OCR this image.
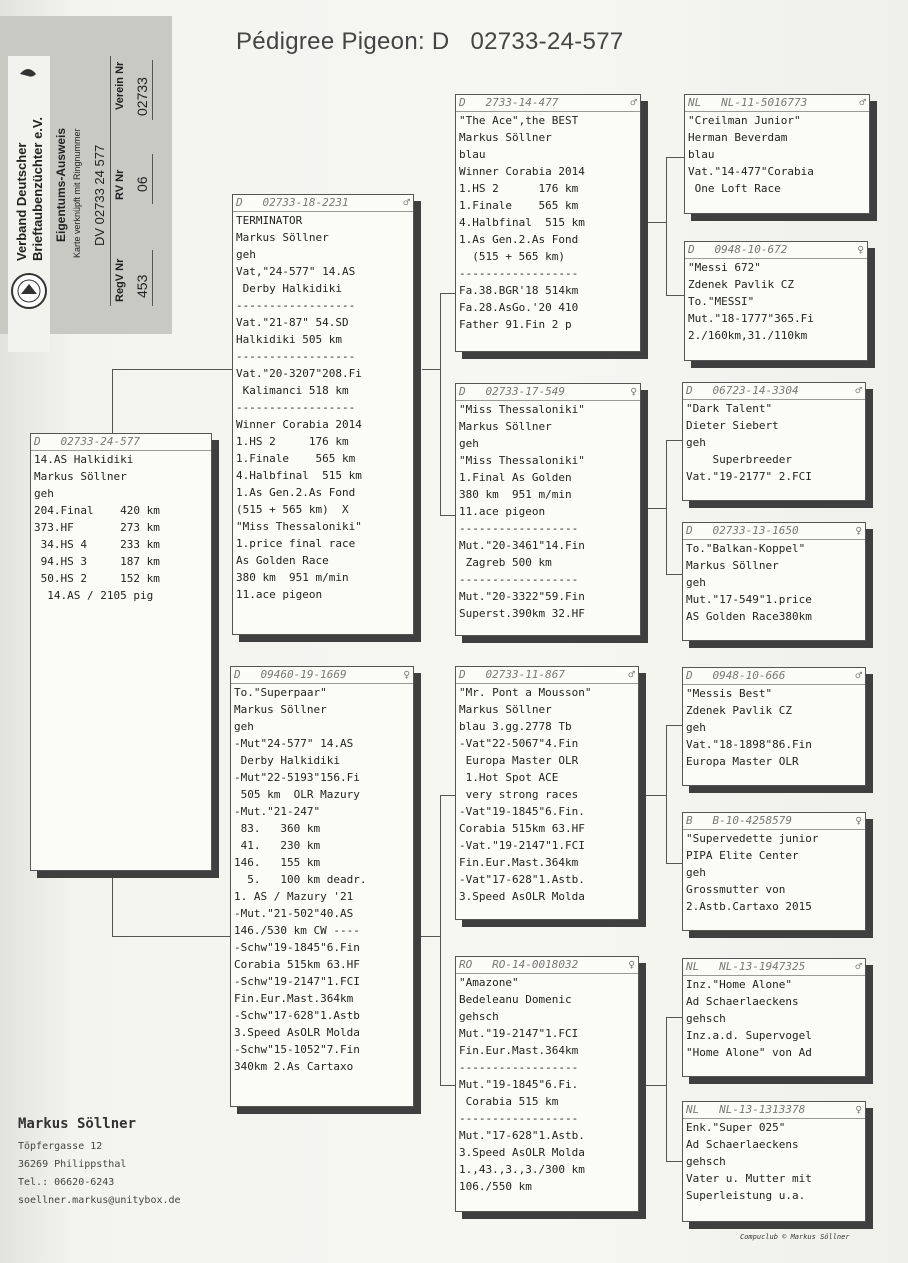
Pédigree Pigeon: D   02733-24-577
Verband Deutscher Brieftaubenzüchter e.V. Eigentums-Ausweis Karte verknüpft mit Ringnummer DV 02733 24 577
RegV Nr 453
RV Nr 06
Verein Nr 02733
D 02733-24-577
14.AS Halkidiki
Markus Söllner
geh
204.Final    420 km
373.HF       273 km
34.HS 4     233 km
94.HS 3     187 km
50.HS 2     152 km
14.AS / 2105 pig
D 02733-18-2231	♂
TERMINATOR
Markus Söllner
geh
Vat,"24-577" 14.AS
Derby Halkidiki
------------------
Vat."21-87" 54.SD
Halkidiki 505 km
------------------
Vat."20-3207"208.Fi
Kalimanci 518 km
------------------
Winner Corabia 2014
1.HS 2     176 km
1.Finale    565 km
4.Halbfinal  515 km
1.As Gen.2.As Fond
(515 + 565 km)  X
"Miss Thessaloniki"
1.price final race
As Golden Race
380 km  951 m/min
11.ace pigeon
D 09460-19-1669	♀
To."Superpaar"
Markus Söllner
geh
-Mut"24-577" 14.AS
Derby Halkidiki
-Mut"22-5193"156.Fi
505 km  OLR Mazury
-Mut."21-247"
83.   360 km
41.   230 km
146.   155 km
5.   100 km deadr.
1. AS / Mazury '21
-Mut."21-502"40.AS
146./530 km CW ----
-Schw"19-1845"6.Fin
Corabia 515km 63.HF
-Schw"19-2147"1.FCI
Fin.Eur.Mast.364km
-Schw"17-628"1.Astb
3.Speed AsOLR Molda
-Schw"15-1052"7.Fin
340km 2.As Cartaxo
D 2733-14-477	♂
"The Ace",the BEST
Markus Söllner
blau
Winner Corabia 2014
1.HS 2      176 km
1.Finale    565 km
4.Halbfinal  515 km
1.As Gen.2.As Fond
(515 + 565 km)
------------------
Fa.38.BGR'18 514km
Fa.28.AsGo.'20 410
Father 91.Fin 2 p
D 02733-17-549	♀
"Miss Thessaloniki"
Markus Söllner
geh
"Miss Thessaloniki"
1.Final As Golden
380 km  951 m/min
11.ace pigeon
------------------
Mut."20-3461"14.Fin
Zagreb 500 km
------------------
Mut."20-3322"59.Fin
Superst.390km 32.HF
D 02733-11-867	♂
"Mr. Pont a Mousson"
Markus Söllner
blau 3.gg.2778 Tb
-Vat"22-5067"4.Fin
Europa Master OLR
1.Hot Spot ACE
very strong races
-Vat"19-1845"6.Fin.
Corabia 515km 63.HF
-Vat."19-2147"1.FCI
Fin.Eur.Mast.364km
-Vat"17-628"1.Astb.
3.Speed AsOLR Molda
RO RO-14-0018032	♀
"Amazone"
Bedeleanu Domenic
gehsch
Mut."19-2147"1.FCI
Fin.Eur.Mast.364km
------------------
Mut."19-1845"6.Fi.
Corabia 515 km
------------------
Mut."17-628"1.Astb.
3.Speed AsOLR Molda
1.,43.,3.,3./300 km
106./550 km
NL NL-11-5016773	♂
"Creilman Junior"
Herman Beverdam
blau
Vat."14-477"Corabia
One Loft Race
D 0948-10-672	♀
"Messi 672"
Zdenek Pavlik CZ
To."MESSI"
Mut."18-1777"365.Fi
2./160km,31./110km
D 06723-14-3304	♂
"Dark Talent"
Dieter Siebert
geh
Superbreeder
Vat."19-2177" 2.FCI
D 02733-13-1650	♀
To."Balkan-Koppel"
Markus Söllner
geh
Mut."17-549"1.price
AS Golden Race380km
D 0948-10-666	♂
"Messis Best"
Zdenek Pavlik CZ
geh
Vat."18-1898"86.Fin
Europa Master OLR
B B-10-4258579	♀
"Supervedette junior
PIPA Elite Center
geh
Grossmutter von
2.Astb.Cartaxo 2015
NL NL-13-1947325	♂
Inz."Home Alone"
Ad Schaerlaeckens
gehsch
Inz.a.d. Supervogel
"Home Alone" von Ad
NL NL-13-1313378	♀
Enk."Super 025"
Ad Schaerlaeckens
gehsch
Vater u. Mutter mit
Superleistung u.a.
Markus Söllner
Töpfergasse 12
36269 Philippsthal
Tel.: 06620-6243
soellner.markus@unitybox.de
Compuclub © Markus Söllner
